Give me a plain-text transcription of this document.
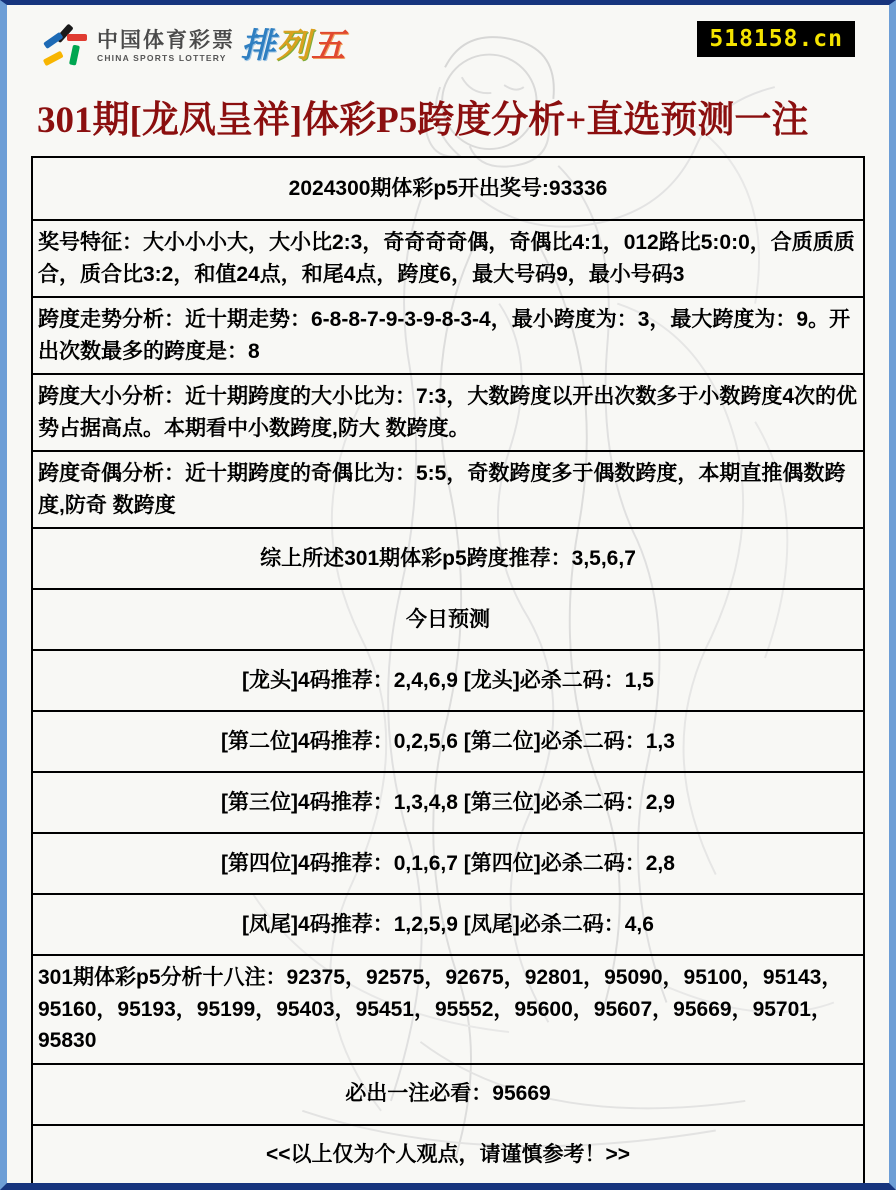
中国体育彩票
CHINA SPORTS LOTTERY 排列五	518158.cn
301期[龙凤呈祥]体彩P5跨度分析+直选预测一注
2024300期体彩p5开出奖号:93336
奖号特征：大小小小大，大小比2:3，奇奇奇奇偶，奇偶比4:1，012路比5:0:0，合质质质合，质合比3:2，和值24点，和尾4点，跨度6，最大号码9，最小号码3
跨度走势分析：近十期走势：6-8-8-7-9-3-9-8-3-4，最小跨度为：3，最大跨度为：9。开出次数最多的跨度是：8
跨度大小分析：近十期跨度的大小比为：7:3，大数跨度以开出次数多于小数跨度4次的优势占据高点。本期看中小数跨度,防大 数跨度。
跨度奇偶分析：近十期跨度的奇偶比为：5:5，奇数跨度多于偶数跨度，本期直推偶数跨度,防奇 数跨度
综上所述301期体彩p5跨度推荐：3,5,6,7
今日预测
[龙头]4码推荐：2,4,6,9 [龙头]必杀二码：1,5
[第二位]4码推荐：0,2,5,6 [第二位]必杀二码：1,3
[第三位]4码推荐：1,3,4,8 [第三位]必杀二码：2,9
[第四位]4码推荐：0,1,6,7 [第四位]必杀二码：2,8
[凤尾]4码推荐：1,2,5,9 [凤尾]必杀二码：4,6
301期体彩p5分析十八注：92375，92575，92675，92801，95090，95100，95143，95160，95193，95199，95403，95451，95552，95600，95607，95669，95701，95830
必出一注必看：95669
<<以上仅为个人观点，请谨慎参考！>>
